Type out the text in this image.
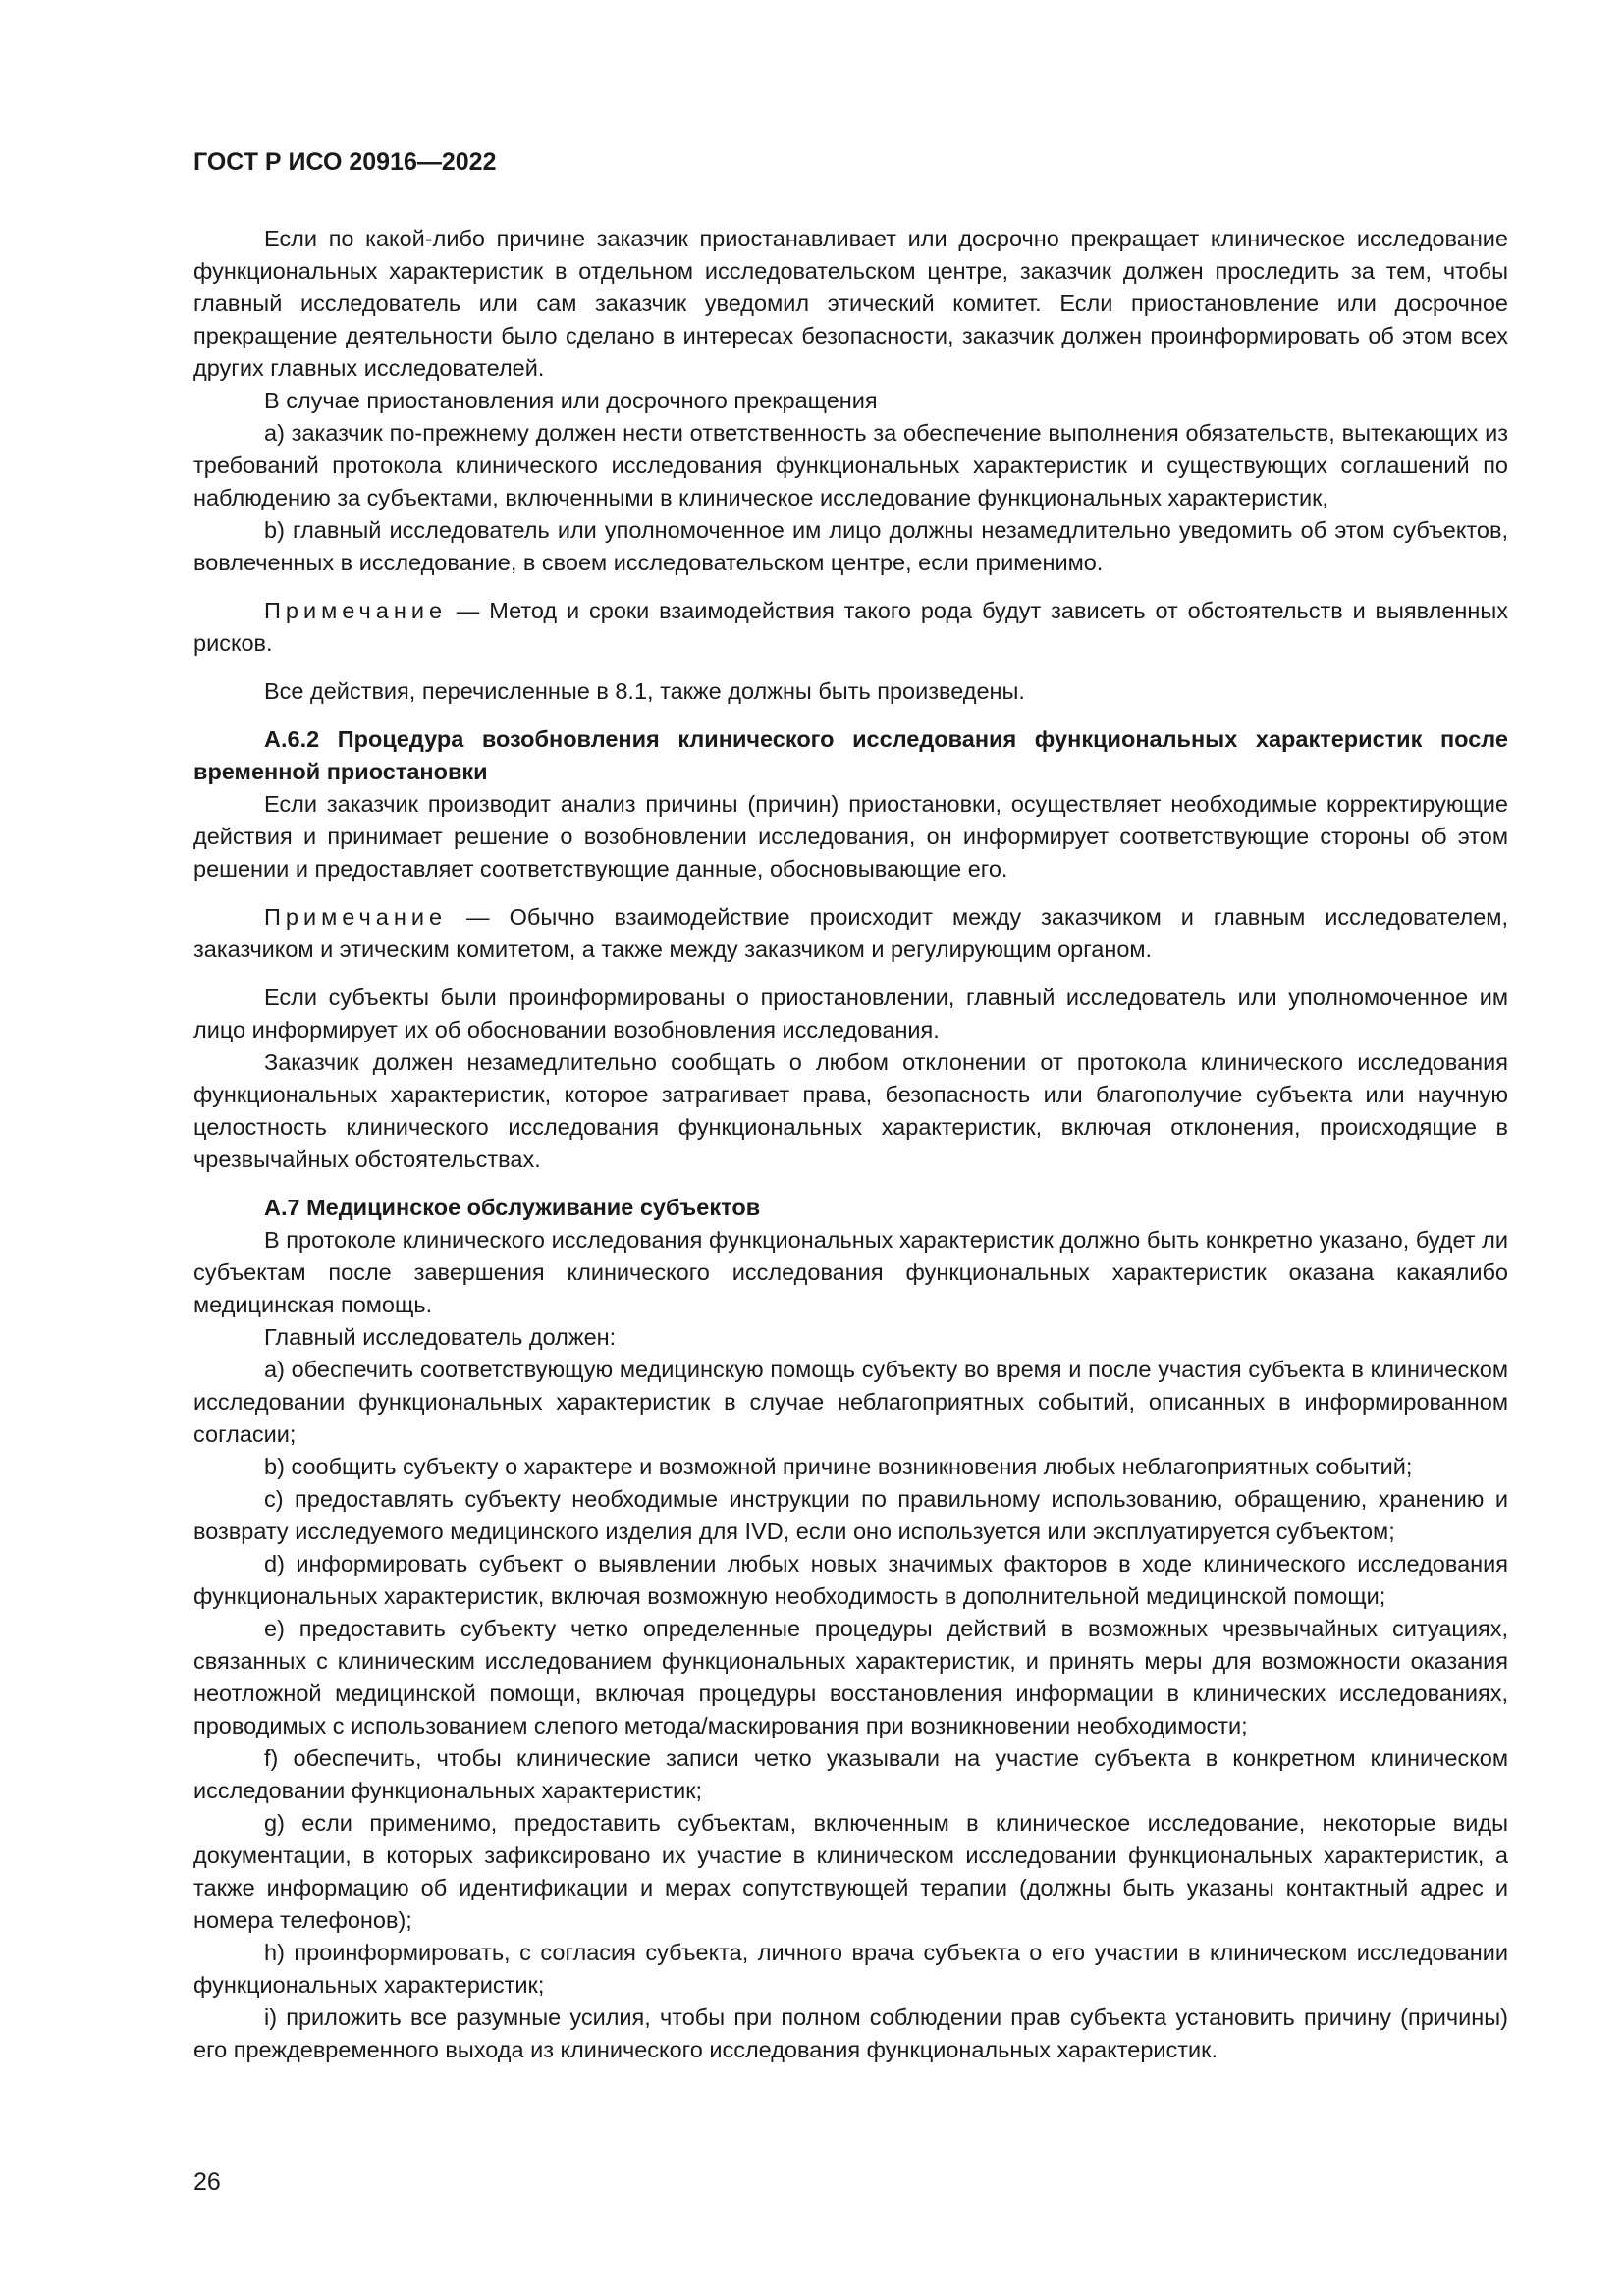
ГОСТ Р ИСО 20916—2022

Если по какой-либо причине заказчик приостанавливает или досрочно прекращает клиническое исследование функциональных характеристик в отдельном исследовательском центре, заказчик должен проследить за тем, чтобы главный исследователь или сам заказчик уведомил этический комитет. Если приостановление или досрочное прекращение деятельности было сделано в интересах безопасности, заказчик должен проинформировать об этом всех других главных исследователей.

В случае приостановления или досрочного прекращения

a) заказчик по-прежнему должен нести ответственность за обеспечение выполнения обязательств, вытекающих из требований протокола клинического исследования функциональных характеристик и существующих соглашений по наблюдению за субъектами, включенными в клиническое исследование функциональных характеристик,

b) главный исследователь или уполномоченное им лицо должны незамедлительно уведомить об этом субъектов, вовлеченных в исследование, в своем исследовательском центре, если применимо.

Примечание — Метод и сроки взаимодействия такого рода будут зависеть от обстоятельств и выявленных рисков.

Все действия, перечисленные в 8.1, также должны быть произведены.

А.6.2 Процедура возобновления клинического исследования функциональных характеристик после временной приостановки

Если заказчик производит анализ причины (причин) приостановки, осуществляет необходимые корректирующие действия и принимает решение о возобновлении исследования, он информирует соответствующие стороны об этом решении и предоставляет соответствующие данные, обосновывающие его.

Примечание — Обычно взаимодействие происходит между заказчиком и главным исследователем, заказчиком и этическим комитетом, а также между заказчиком и регулирующим органом.

Если субъекты были проинформированы о приостановлении, главный исследователь или уполномоченное им лицо информирует их об обосновании возобновления исследования.

Заказчик должен незамедлительно сообщать о любом отклонении от протокола клинического исследования функциональных характеристик, которое затрагивает права, безопасность или благополучие субъекта или научную целостность клинического исследования функциональных характеристик, включая отклонения, происходящие в чрезвычайных обстоятельствах.

А.7 Медицинское обслуживание субъектов

В протоколе клинического исследования функциональных характеристик должно быть конкретно указано, будет ли субъектам после завершения клинического исследования функциональных характеристик оказана какаялибо медицинская помощь.

Главный исследователь должен:

a) обеспечить соответствующую медицинскую помощь субъекту во время и после участия субъекта в клиническом исследовании функциональных характеристик в случае неблагоприятных событий, описанных в информированном согласии;

b) сообщить субъекту о характере и возможной причине возникновения любых неблагоприятных событий;

c) предоставлять субъекту необходимые инструкции по правильному использованию, обращению, хранению и возврату исследуемого медицинского изделия для IVD, если оно используется или эксплуатируется субъектом;

d) информировать субъект о выявлении любых новых значимых факторов в ходе клинического исследования функциональных характеристик, включая возможную необходимость в дополнительной медицинской помощи;

e) предоставить субъекту четко определенные процедуры действий в возможных чрезвычайных ситуациях, связанных с клиническим исследованием функциональных характеристик, и принять меры для возможности оказания неотложной медицинской помощи, включая процедуры восстановления информации в клинических исследованиях, проводимых с использованием слепого метода/маскирования при возникновении необходимости;

f) обеспечить, чтобы клинические записи четко указывали на участие субъекта в конкретном клиническом исследовании функциональных характеристик;

g) если применимо, предоставить субъектам, включенным в клиническое исследование, некоторые виды документации, в которых зафиксировано их участие в клиническом исследовании функциональных характеристик, а также информацию об идентификации и мерах сопутствующей терапии (должны быть указаны контактный адрес и номера телефонов);

h) проинформировать, с согласия субъекта, личного врача субъекта о его участии в клиническом исследовании функциональных характеристик;

i) приложить все разумные усилия, чтобы при полном соблюдении прав субъекта установить причину (причины) его преждевременного выхода из клинического исследования функциональных характеристик.

26
